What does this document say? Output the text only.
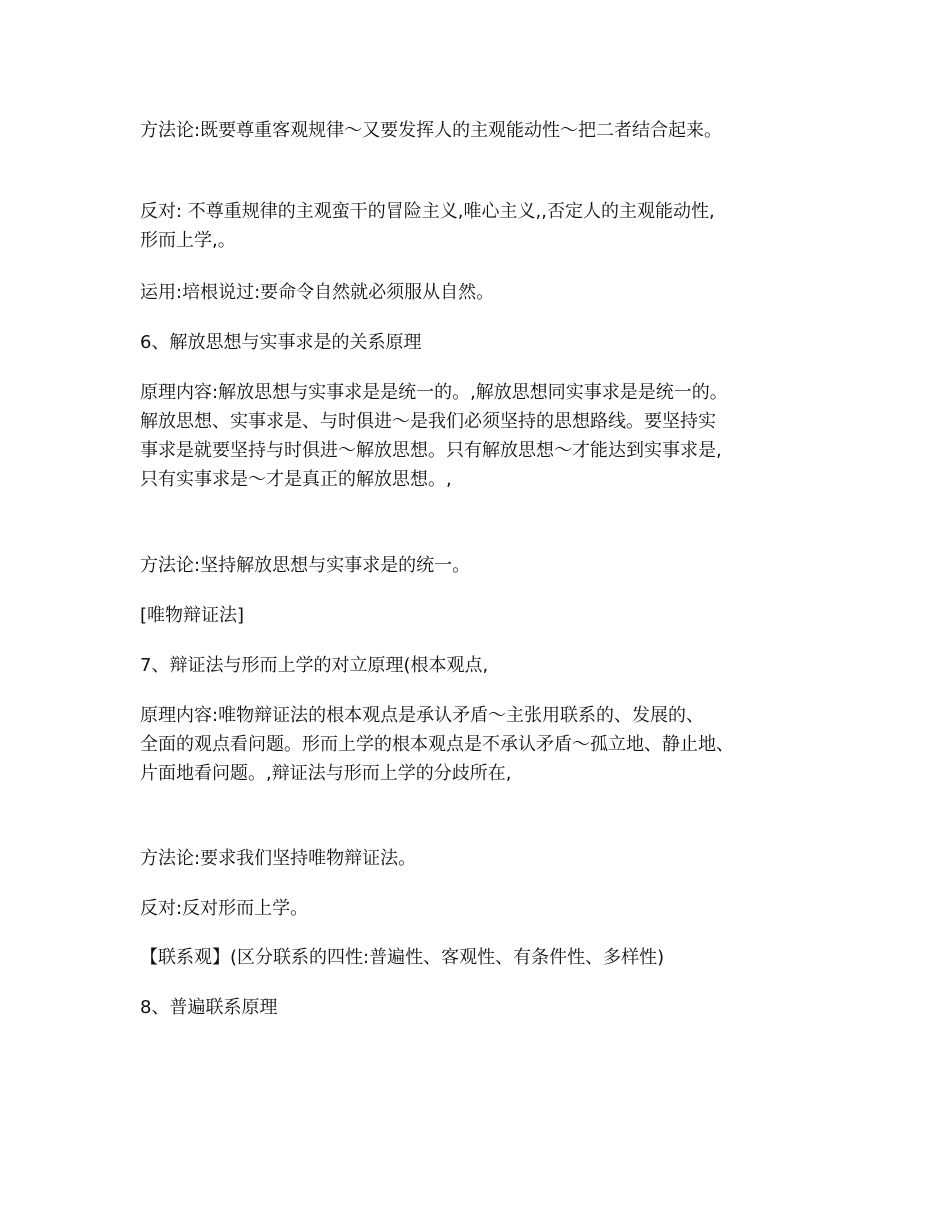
方法论:既要尊重客观规律～又要发挥人的主观能动性～把二者结合起来。

反对: 不尊重规律的主观蛮干的冒险主义,唯心主义,,否定人的主观能动性,
形而上学,。

运用:培根说过:要命令自然就必须服从自然。

6、解放思想与实事求是的关系原理

原理内容:解放思想与实事求是是统一的。,解放思想同实事求是是统一的。
解放思想、实事求是、与时俱进～是我们必须坚持的思想路线。要坚持实
事求是就要坚持与时俱进～解放思想。只有解放思想～才能达到实事求是,
只有实事求是～才是真正的解放思想。,

方法论:坚持解放思想与实事求是的统一。

[唯物辩证法]

7、辩证法与形而上学的对立原理(根本观点,

原理内容:唯物辩证法的根本观点是承认矛盾～主张用联系的、发展的、
全面的观点看问题。形而上学的根本观点是不承认矛盾～孤立地、静止地、
片面地看问题。,辩证法与形而上学的分歧所在,

方法论:要求我们坚持唯物辩证法。

反对:反对形而上学。

【联系观】(区分联系的四性:普遍性、客观性、有条件性、多样性)

8、普遍联系原理
